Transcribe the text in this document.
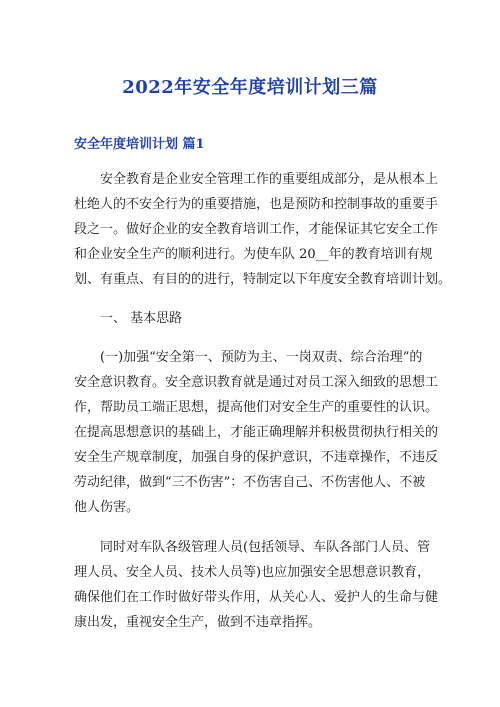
2022年安全年度培训计划三篇
安全年度培训计划 篇1
安全教育是企业安全管理工作的重要组成部分，是从根本上
杜绝人的不安全行为的重要措施，也是预防和控制事故的重要手
段之一。做好企业的安全教育培训工作，才能保证其它安全工作
和企业安全生产的顺利进行。为使车队 20__年的教育培训有规
划、有重点、有目的的进行，特制定以下年度安全教育培训计划。
一、 基本思路
(一)加强“安全第一、预防为主、一岗双责、综合治理”的
安全意识教育。安全意识教育就是通过对员工深入细致的思想工
作，帮助员工端正思想，提高他们对安全生产的重要性的认识。
在提高思想意识的基础上，才能正确理解并积极贯彻执行相关的
安全生产规章制度，加强自身的保护意识，不违章操作，不违反
劳动纪律，做到“三不伤害”：不伤害自己、不伤害他人、不被
他人伤害。
同时对车队各级管理人员(包括领导、车队各部门人员、管
理人员、安全人员、技术人员等)也应加强安全思想意识教育，
确保他们在工作时做好带头作用，从关心人、爱护人的生命与健
康出发，重视安全生产，做到不违章指挥。
